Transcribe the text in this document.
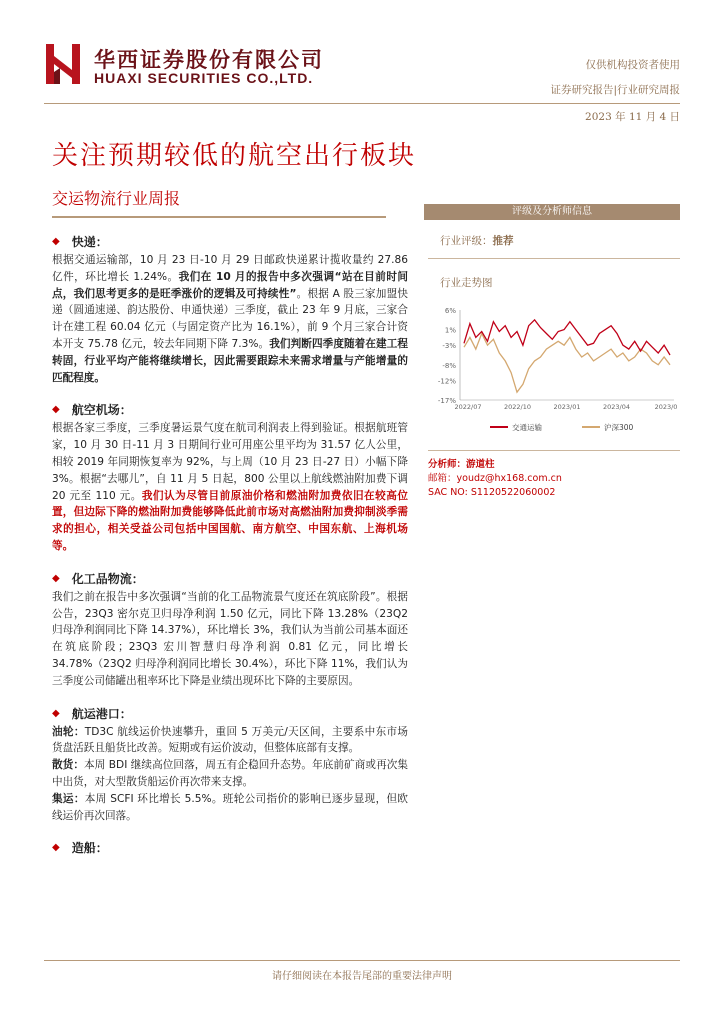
华西证券股份有限公司
HUAXI SECURITIES CO.,LTD.
仅供机构投资者使用
证券研究报告|行业研究周报
2023 年 11 月 4 日
关注预期较低的航空出行板块
交运物流行业周报
◆ 快递：
根据交通运输部，10 月 23 日-10 月 29 日邮政快递累计揽收量约 27.86 亿件，环比增长 1.24%。我们在 10 月的报告中多次强调“站在目前时间点，我们思考更多的是旺季涨价的逻辑及可持续性”。根据 A 股三家加盟快递（圆通速递、韵达股份、申通快递）三季度，截止 23 年 9 月底，三家合计在建工程 60.04 亿元（与固定资产比为 16.1%），前 9 个月三家合计资本开支 75.78 亿元，较去年同期下降 7.3%。我们判断四季度随着在建工程转固，行业平均产能将继续增长，因此需要跟踪未来需求增量与产能增量的匹配程度。
◆ 航空机场：
根据各家三季度，三季度暑运景气度在航司利润表上得到验证。根据航班管家，10 月 30 日-11 月 3 日期间行业可用座公里平均为 31.57 亿人公里，相较 2019 年同期恢复率为 92%，与上周（10 月 23 日-27 日）小幅下降 3%。根据“去哪儿”，自 11 月 5 日起，800 公里以上航线燃油附加费下调 20 元至 110 元。我们认为尽管目前原油价格和燃油附加费依旧在较高位置，但边际下降的燃油附加费能够降低此前市场对高燃油附加费抑制淡季需求的担心，相关受益公司包括中国国航、南方航空、中国东航、上海机场等。
◆ 化工品物流：
我们之前在报告中多次强调“当前的化工品物流景气度还在筑底阶段”。根据公告，23Q3 密尔克卫归母净利润 1.50 亿元，同比下降 13.28%（23Q2 归母净利润同比下降 14.37%），环比增长 3%，我们认为当前公司基本面还在筑底阶段；23Q3 宏川智慧归母净利润 0.81 亿元，同比增长 34.78%（23Q2 归母净利润同比增长 30.4%），环比下降 11%，我们认为三季度公司储罐出租率环比下降是业绩出现环比下降的主要原因。
◆ 航运港口：
油轮：TD3C 航线运价快速攀升，重回 5 万美元/天区间，主要系中东市场货盘活跃且船货比改善。短期或有运价波动，但整体底部有支撑。
散货：本周 BDI 继续高位回落，周五有企稳回升态势。年底前矿商或再次集中出货，对大型散货船运价再次带来支撑。
集运：本周 SCFI 环比增长 5.5%。班轮公司指价的影响已逐步显现，但欧线运价再次回落。
◆ 造船：
评级及分析师信息
行业评级：推荐
行业走势图
6%
1%
-3%
-8%
-12%
-17%
2022/07	2022/10	2023/01	2023/04	2023/0
交通运输	沪深300
分析师：游道柱
邮箱：youdz@hx168.com.cn
SAC NO: S1120522060002
请仔细阅读在本报告尾部的重要法律声明
